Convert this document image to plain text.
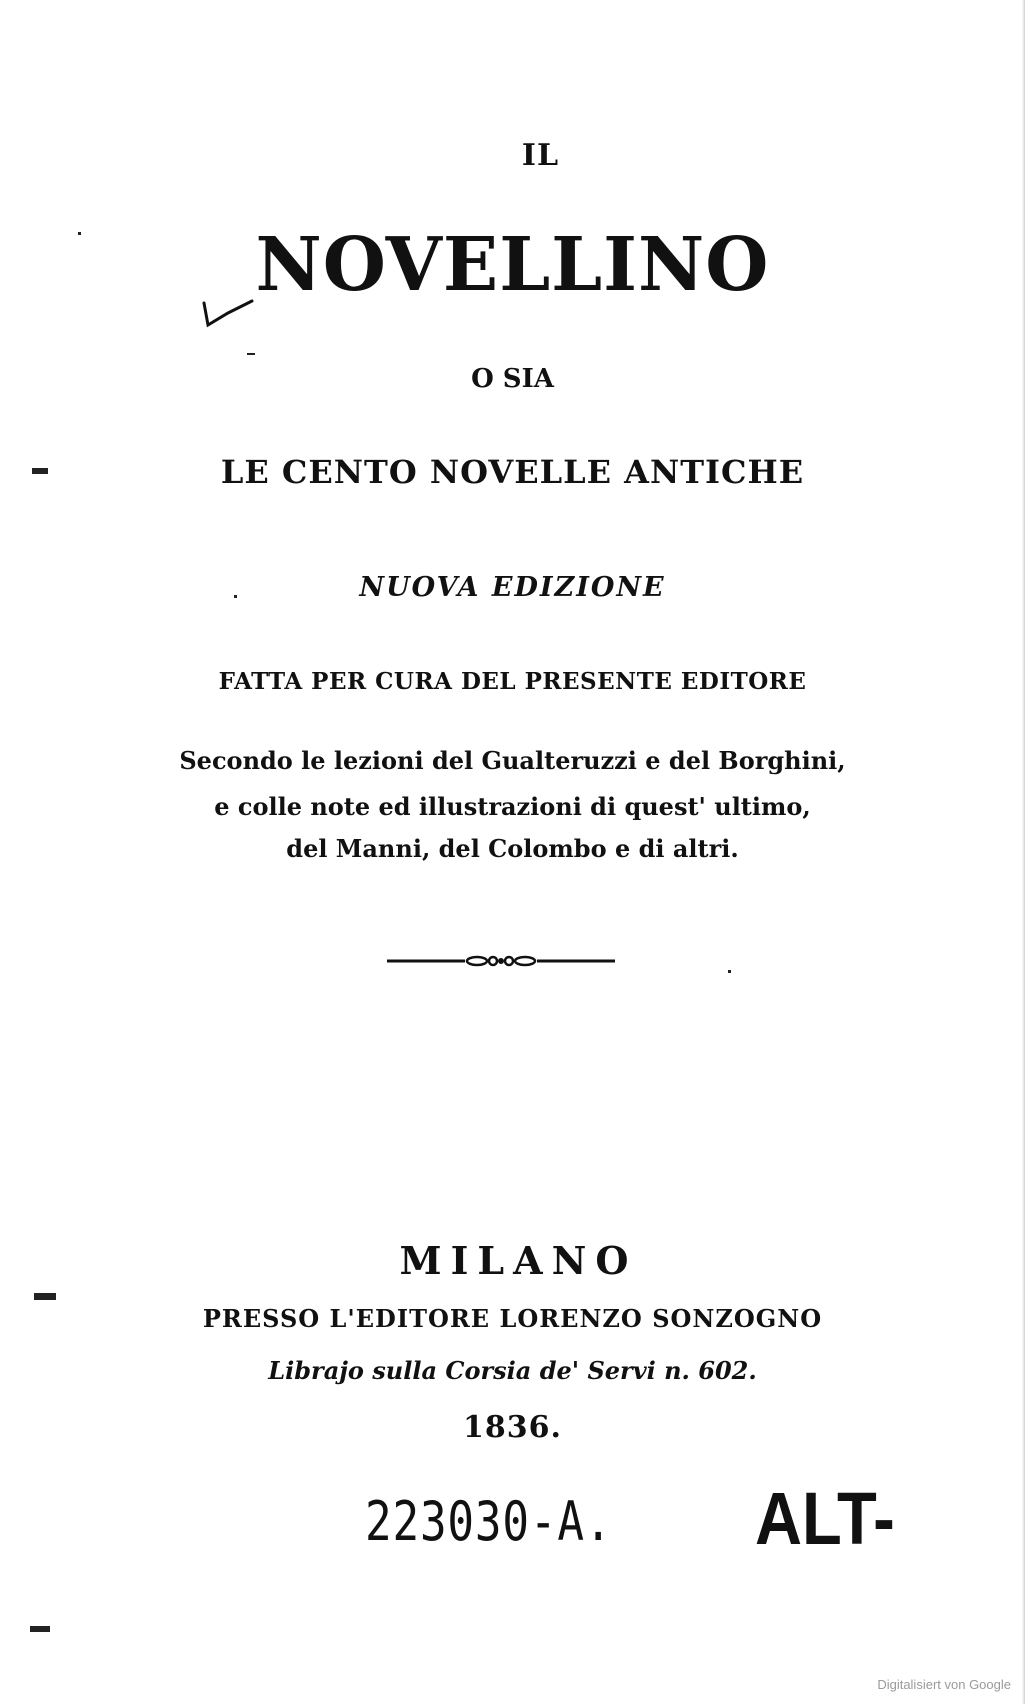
IL
NOVELLINO
O SIA
LE CENTO NOVELLE ANTICHE
NUOVA EDIZIONE
FATTA PER CURA DEL PRESENTE EDITORE
Secondo le lezioni del Gualteruzzi e del Borghini,
e colle note ed illustrazioni di quest' ultimo,
del Manni, del Colombo e di altri.
MILANO
PRESSO L'EDITORE LORENZO SONZOGNO
Librajo sulla Corsia de' Servi n. 602.
1836.
223030-A. ALT-
Digitalisiert von Google
